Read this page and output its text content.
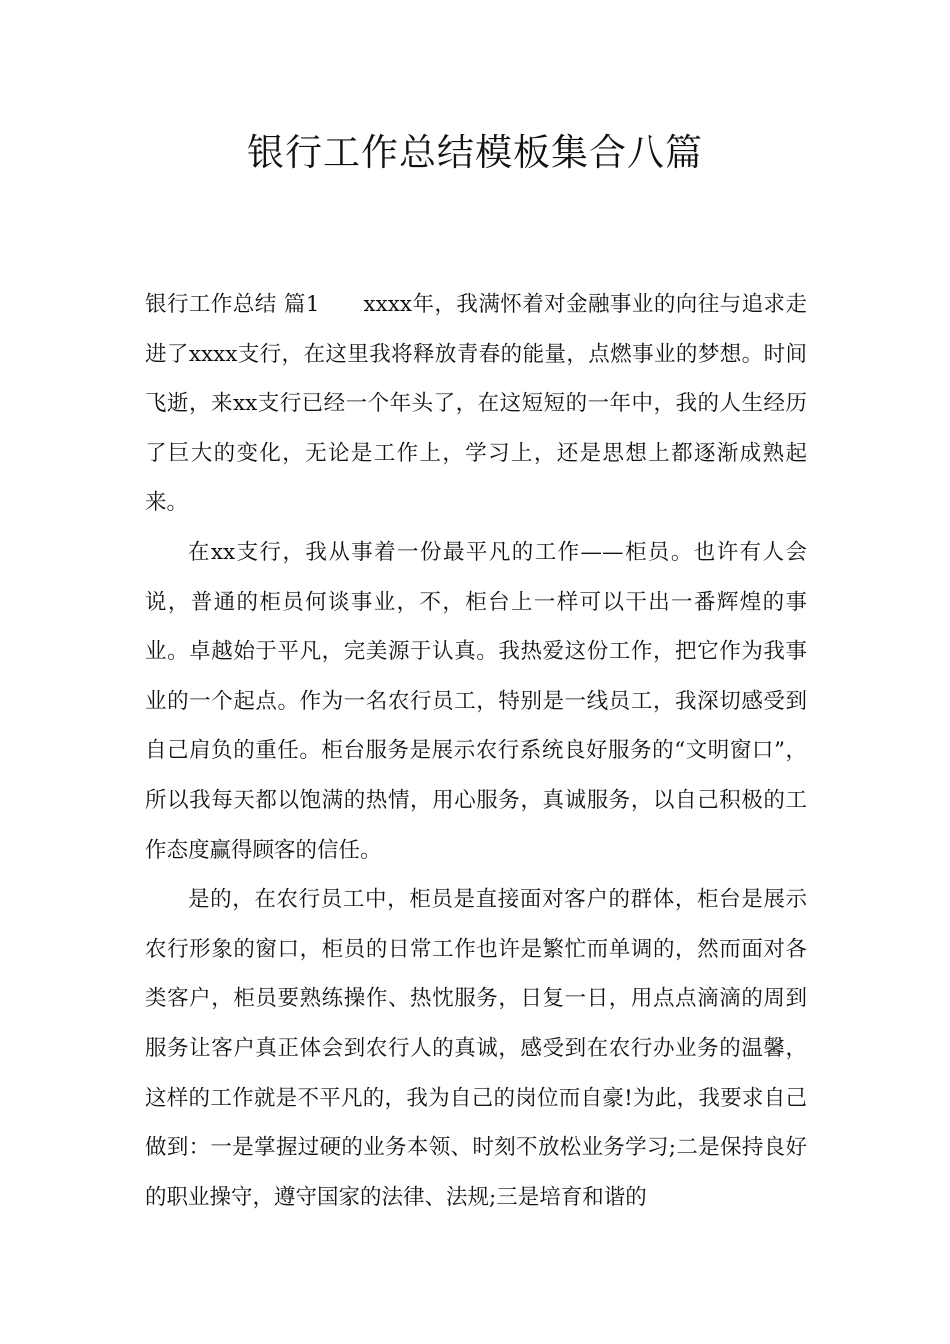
银行工作总结模板集合八篇

银行工作总结 篇1 xxxx年，我满怀着对金融事业的向往与追求走进了xxxx支行，在这里我将释放青春的能量，点燃事业的梦想。时间飞逝，来xx支行已经一个年头了，在这短短的一年中，我的人生经历了巨大的变化，无论是工作上，学习上，还是思想上都逐渐成熟起来。

在xx支行，我从事着一份最平凡的工作——柜员。也许有人会说，普通的柜员何谈事业，不，柜台上一样可以干出一番辉煌的事业。卓越始于平凡，完美源于认真。我热爱这份工作，把它作为我事业的一个起点。作为一名农行员工，特别是一线员工，我深切感受到自己肩负的重任。柜台服务是展示农行系统良好服务的“文明窗口”，所以我每天都以饱满的热情，用心服务，真诚服务，以自己积极的工作态度赢得顾客的信任。

是的，在农行员工中，柜员是直接面对客户的群体，柜台是展示农行形象的窗口，柜员的日常工作也许是繁忙而单调的，然而面对各类客户，柜员要熟练操作、热忱服务，日复一日，用点点滴滴的周到服务让客户真正体会到农行人的真诚，感受到在农行办业务的温馨，这样的工作就是不平凡的，我为自己的岗位而自豪!为此，我要求自己做到：一是掌握过硬的业务本领、时刻不放松业务学习;二是保持良好的职业操守，遵守国家的法律、法规;三是培育和谐的
